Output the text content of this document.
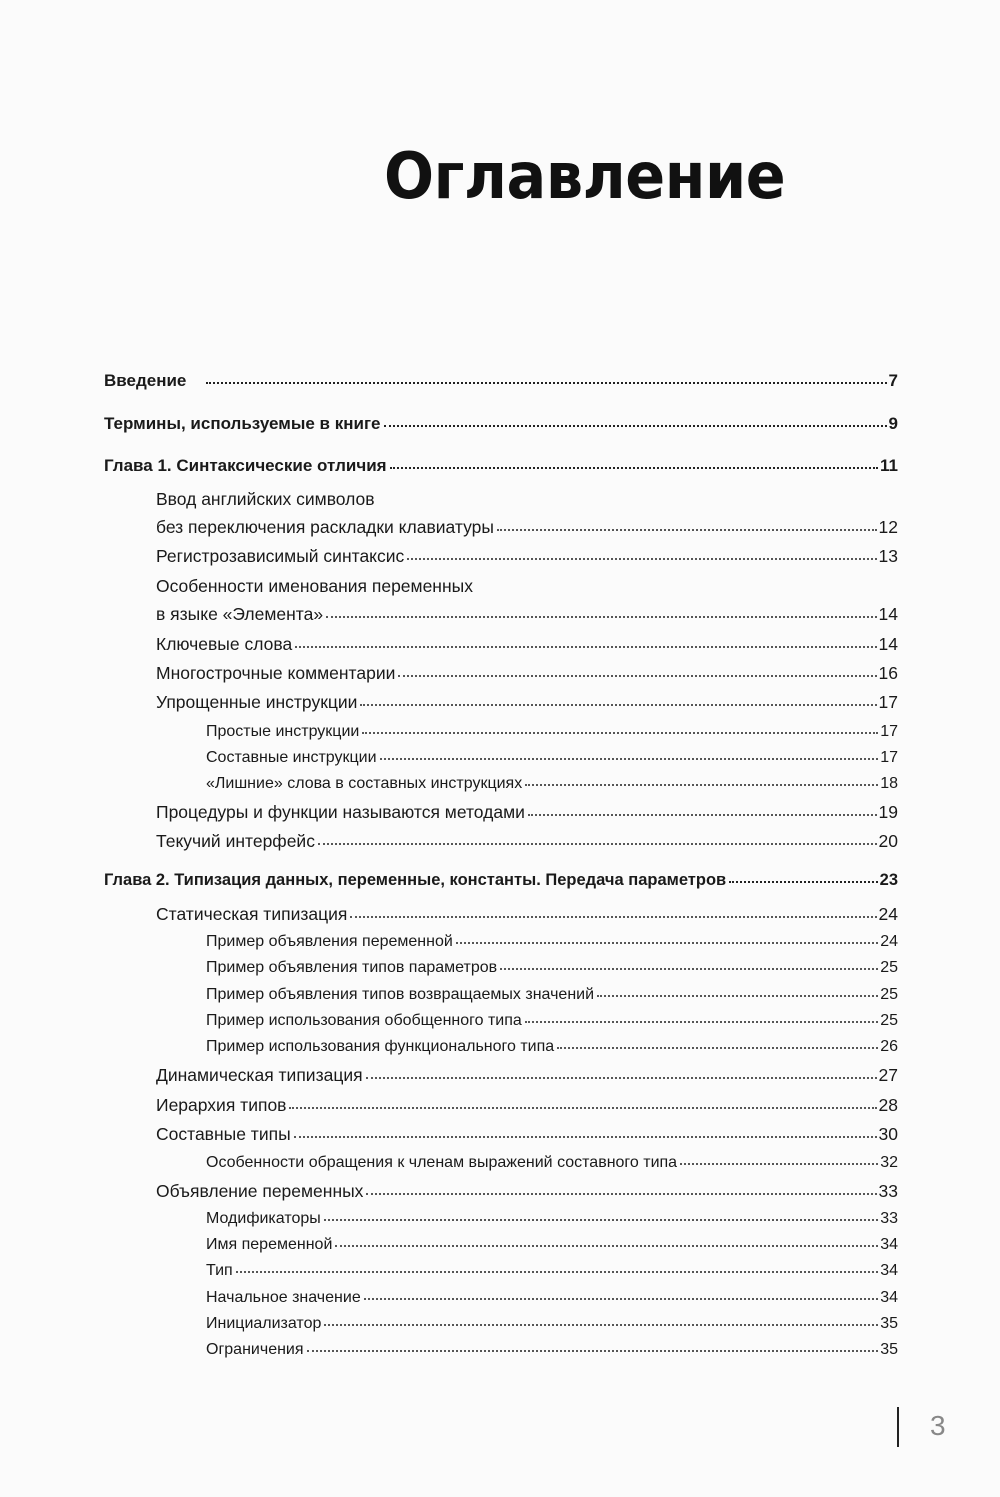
Оглавление
Введение	7
Термины, используемые в книге	9
Глава 1. Синтаксические отличия	11
Ввод английских символов
без переключения раскладки клавиатуры	12
Регистрозависимый синтаксис	13
Особенности именования переменных
в языке «Элемента»	14
Ключевые слова	14
Многострочные комментарии	16
Упрощенные инструкции	17
Простые инструкции	17
Составные инструкции	17
«Лишние» слова в составных инструкциях	18
Процедуры и функции называются методами	19
Текучий интерфейс	20
Глава 2. Типизация данных, переменные, константы. Передача параметров	23
Статическая типизация	24
Пример объявления переменной	24
Пример объявления типов параметров	25
Пример объявления типов возвращаемых значений	25
Пример использования обобщенного типа	25
Пример использования функционального типа	26
Динамическая типизация	27
Иерархия типов	28
Составные типы	30
Особенности обращения к членам выражений составного типа	32
Объявление переменных	33
Модификаторы	33
Имя переменной	34
Тип	34
Начальное значение	34
Инициализатор	35
Ограничения	35
3
